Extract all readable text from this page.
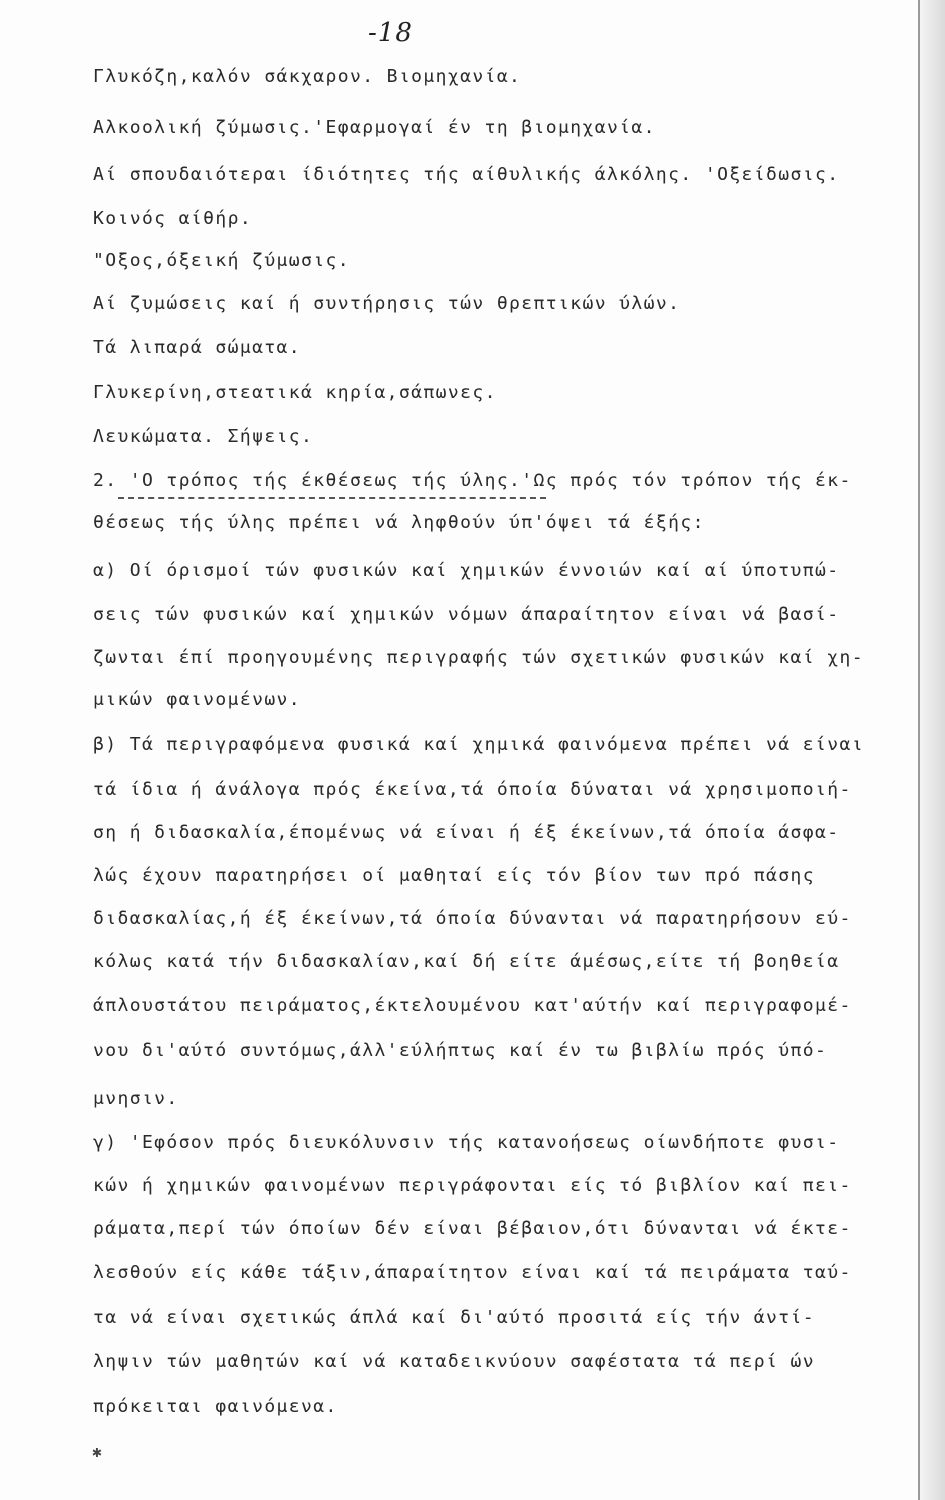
-18
Γλυκόζη,καλόν σάκχαρον. Βιομηχανία.
Αλκοολική ζύμωσις.'Εφαρμογαί έν τη βιομηχανία.
Αί σπουδαιότεραι ίδιότητες τής αίθυλικής άλκόλης. 'Οξείδωσις.
Κοινός αίθήρ.
"Οξος,όξεική ζύμωσις.
Αί ζυμώσεις καί ή συντήρησις τών θρεπτικών ύλών.
Τά λιπαρά σώματα.
Γλυκερίνη,στεατικά κηρία,σάπωνες.
Λευκώματα. Σήψεις.
2. 'Ο τρόπος τής έκθέσεως τής ύλης.'Ως πρός τόν τρόπον τής έκ-
θέσεως τής ύλης πρέπει νά ληφθούν ύπ'όψει τά έξής:
α) Οί όρισμοί τών φυσικών καί χημικών έννοιών καί αί ύποτυπώ-
σεις τών φυσικών καί χημικών νόμων άπαραίτητον είναι νά βασί-
ζωνται έπί προηγουμένης περιγραφής τών σχετικών φυσικών καί χη-
μικών φαινομένων.
β) Τά περιγραφόμενα φυσικά καί χημικά φαινόμενα πρέπει νά είναι
τά ίδια ή άνάλογα πρός έκείνα,τά όποία δύναται νά χρησιμοποιή-
ση ή διδασκαλία,έπομένως νά είναι ή έξ έκείνων,τά όποία άσφα-
λώς έχουν παρατηρήσει οί μαθηταί είς τόν βίον των πρό πάσης
διδασκαλίας,ή έξ έκείνων,τά όποία δύνανται νά παρατηρήσουν εύ-
κόλως κατά τήν διδασκαλίαν,καί δή είτε άμέσως,είτε τή βοηθεία
άπλουστάτου πειράματος,έκτελουμένου κατ'αύτήν καί περιγραφομέ-
νου δι'αύτό συντόμως,άλλ'εύλήπτως καί έν τω βιβλίω πρός ύπό-
μνησιν.
γ) 'Εφόσον πρός διευκόλυνσιν τής κατανοήσεως οίωνδήποτε φυσι-
κών ή χημικών φαινομένων περιγράφονται είς τό βιβλίον καί πει-
ράματα,περί τών όποίων δέν είναι βέβαιον,ότι δύνανται νά έκτε-
λεσθούν είς κάθε τάξιν,άπαραίτητον είναι καί τά πειράματα ταύ-
τα νά είναι σχετικώς άπλά καί δι'αύτό προσιτά είς τήν άντί-
ληψιν τών μαθητών καί νά καταδεικνύουν σαφέστατα τά περί ών
πρόκειται φαινόμενα.
✱
